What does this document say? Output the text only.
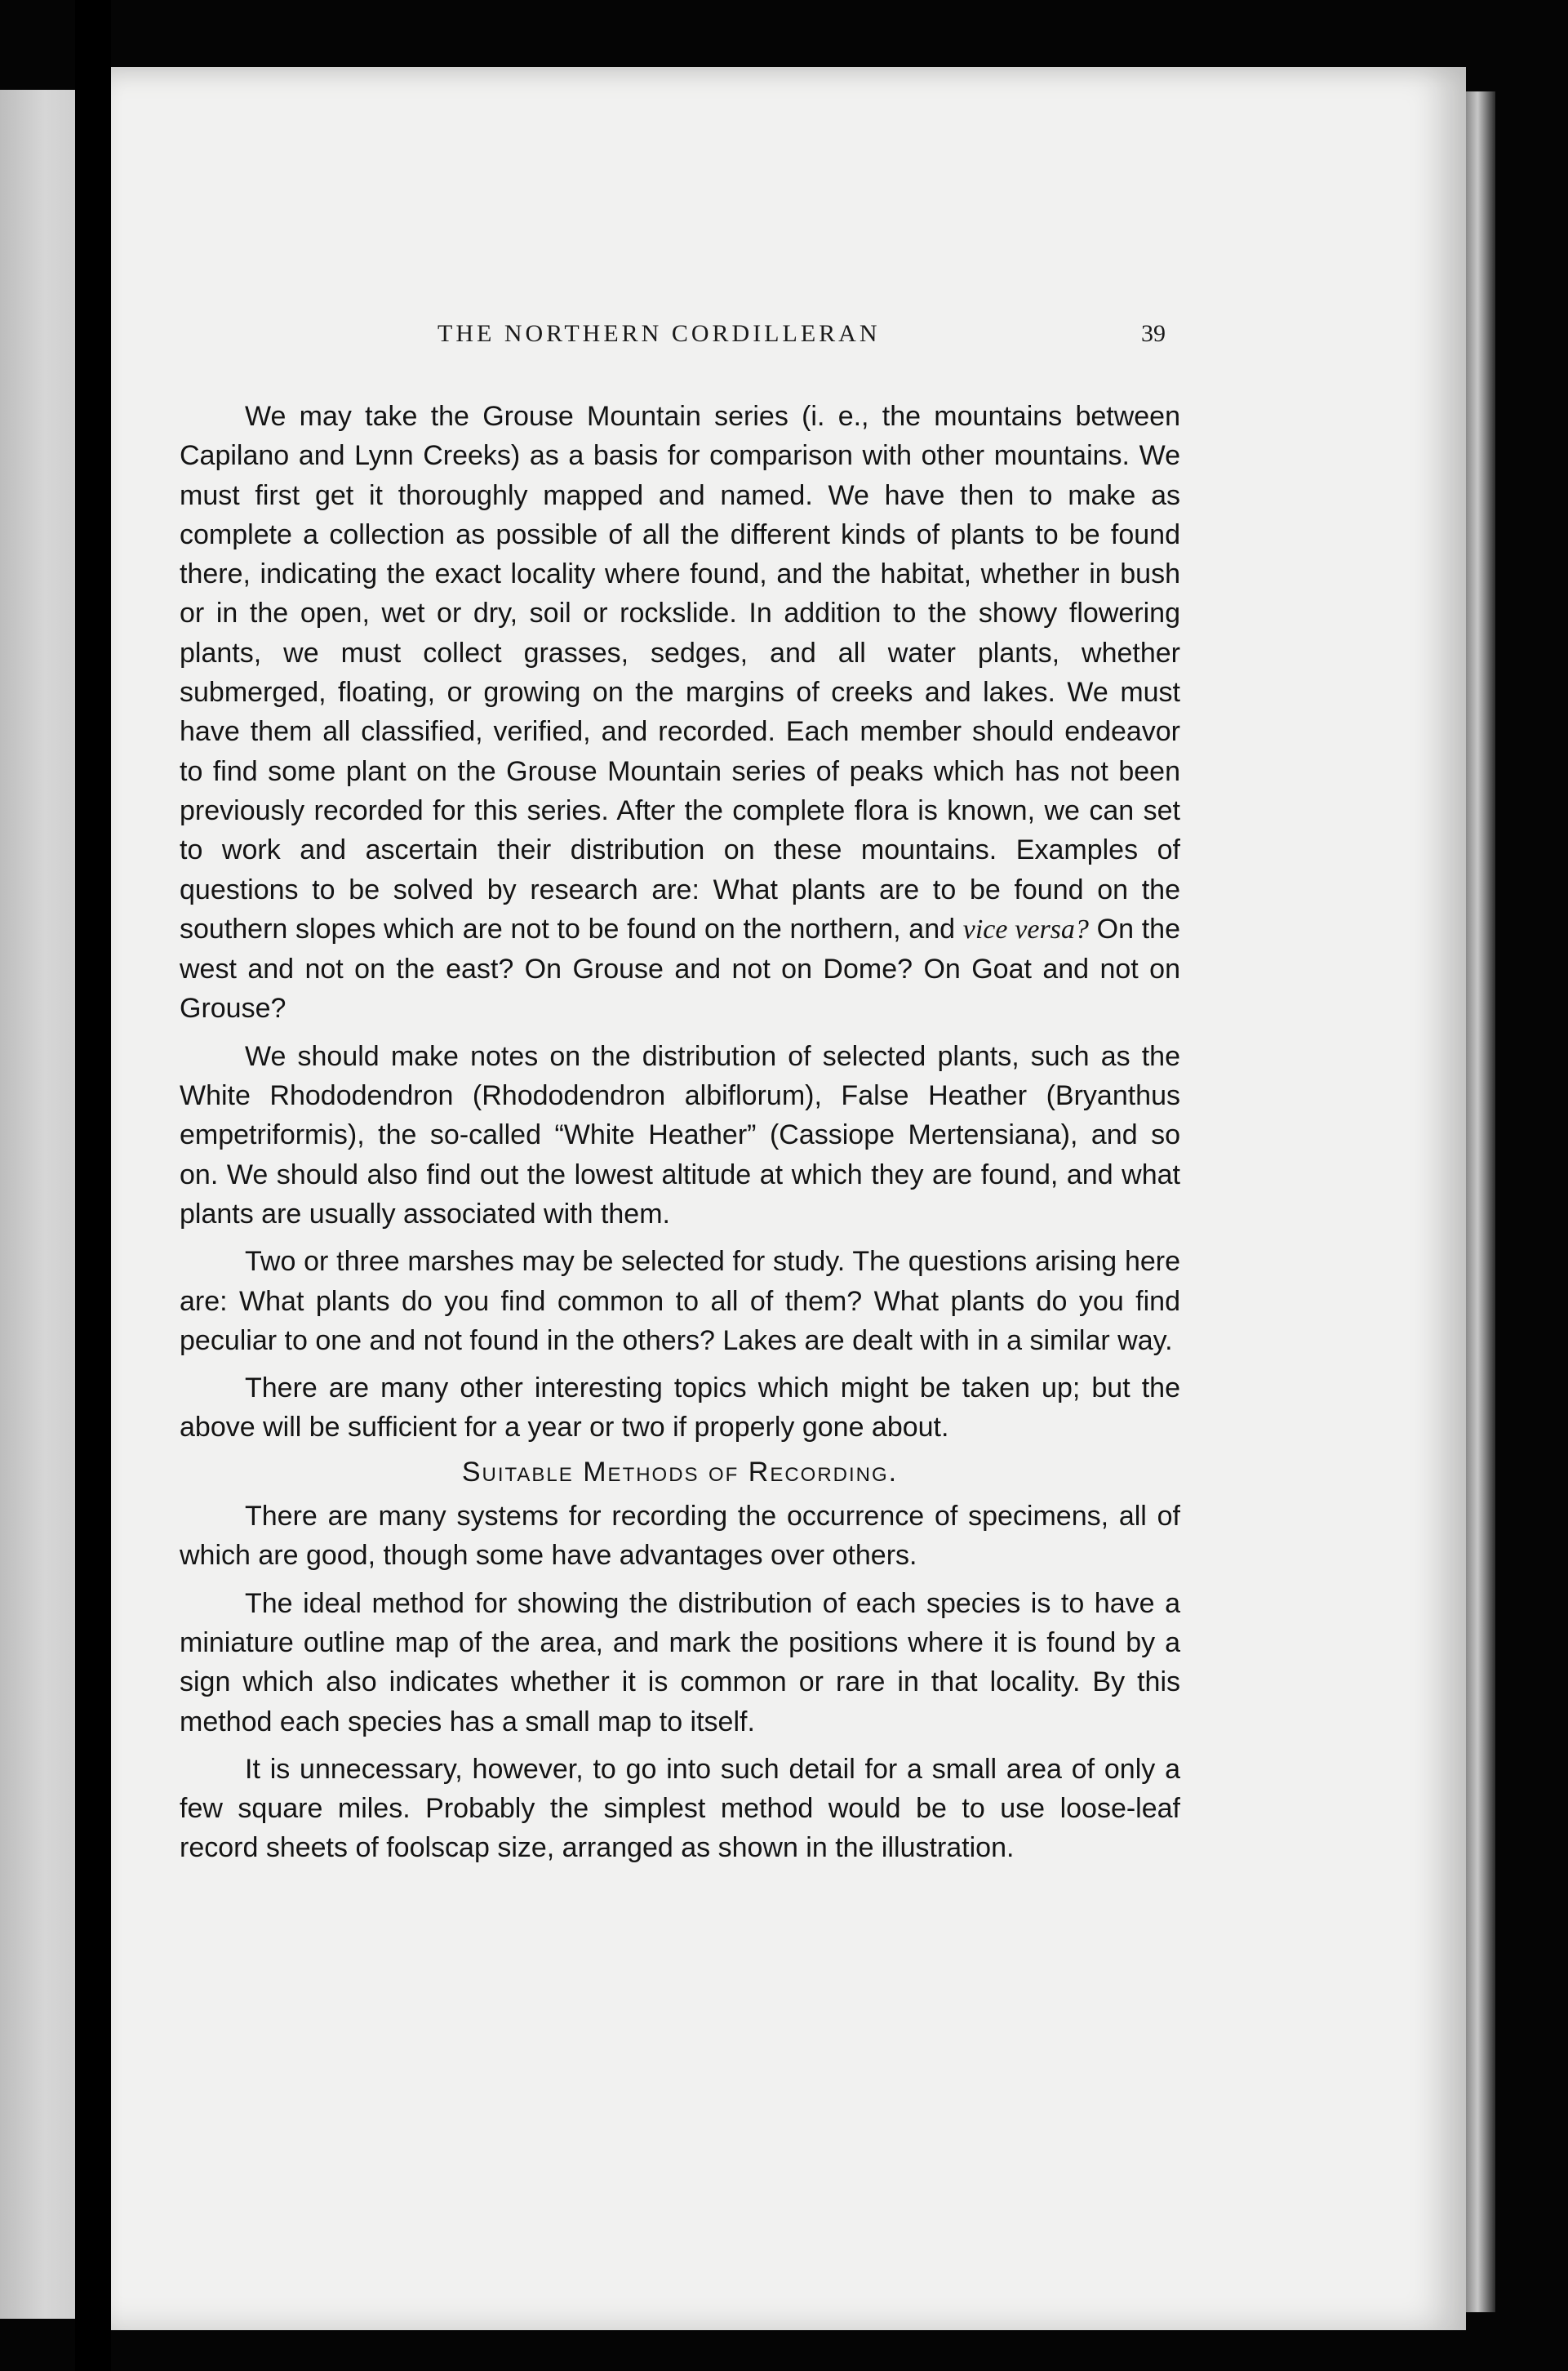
THE NORTHERN CORDILLERAN	39

We may take the Grouse Mountain series (i. e., the mountains between Capilano and Lynn Creeks) as a basis for comparison with other mountains. We must first get it thoroughly mapped and named. We have then to make as complete a collection as possible of all the different kinds of plants to be found there, indicating the exact locality where found, and the habitat, whether in bush or in the open, wet or dry, soil or rockslide. In addition to the showy flowering plants, we must collect grasses, sedges, and all water plants, whether submerged, floating, or growing on the margins of creeks and lakes. We must have them all classified, verified, and recorded. Each member should endeavor to find some plant on the Grouse Mountain series of peaks which has not been previously recorded for this series. After the complete flora is known, we can set to work and ascertain their distribution on these mountains. Examples of questions to be solved by research are: What plants are to be found on the southern slopes which are not to be found on the northern, and vice versa? On the west and not on the east? On Grouse and not on Dome? On Goat and not on Grouse?

We should make notes on the distribution of selected plants, such as the White Rhododendron (Rhododendron albiflorum), False Heather (Bryanthus empetriformis), the so-called “White Heather” (Cassiope Mertensiana), and so on. We should also find out the lowest altitude at which they are found, and what plants are usually associated with them.

Two or three marshes may be selected for study. The questions arising here are: What plants do you find common to all of them? What plants do you find peculiar to one and not found in the others? Lakes are dealt with in a similar way.

There are many other interesting topics which might be taken up; but the above will be sufficient for a year or two if properly gone about.

Suitable Methods of Recording.

There are many systems for recording the occurrence of specimens, all of which are good, though some have advantages over others.

The ideal method for showing the distribution of each species is to have a miniature outline map of the area, and mark the positions where it is found by a sign which also indicates whether it is common or rare in that locality. By this method each species has a small map to itself.

It is unnecessary, however, to go into such detail for a small area of only a few square miles. Probably the simplest method would be to use loose-leaf record sheets of foolscap size, arranged as shown in the illustration.
